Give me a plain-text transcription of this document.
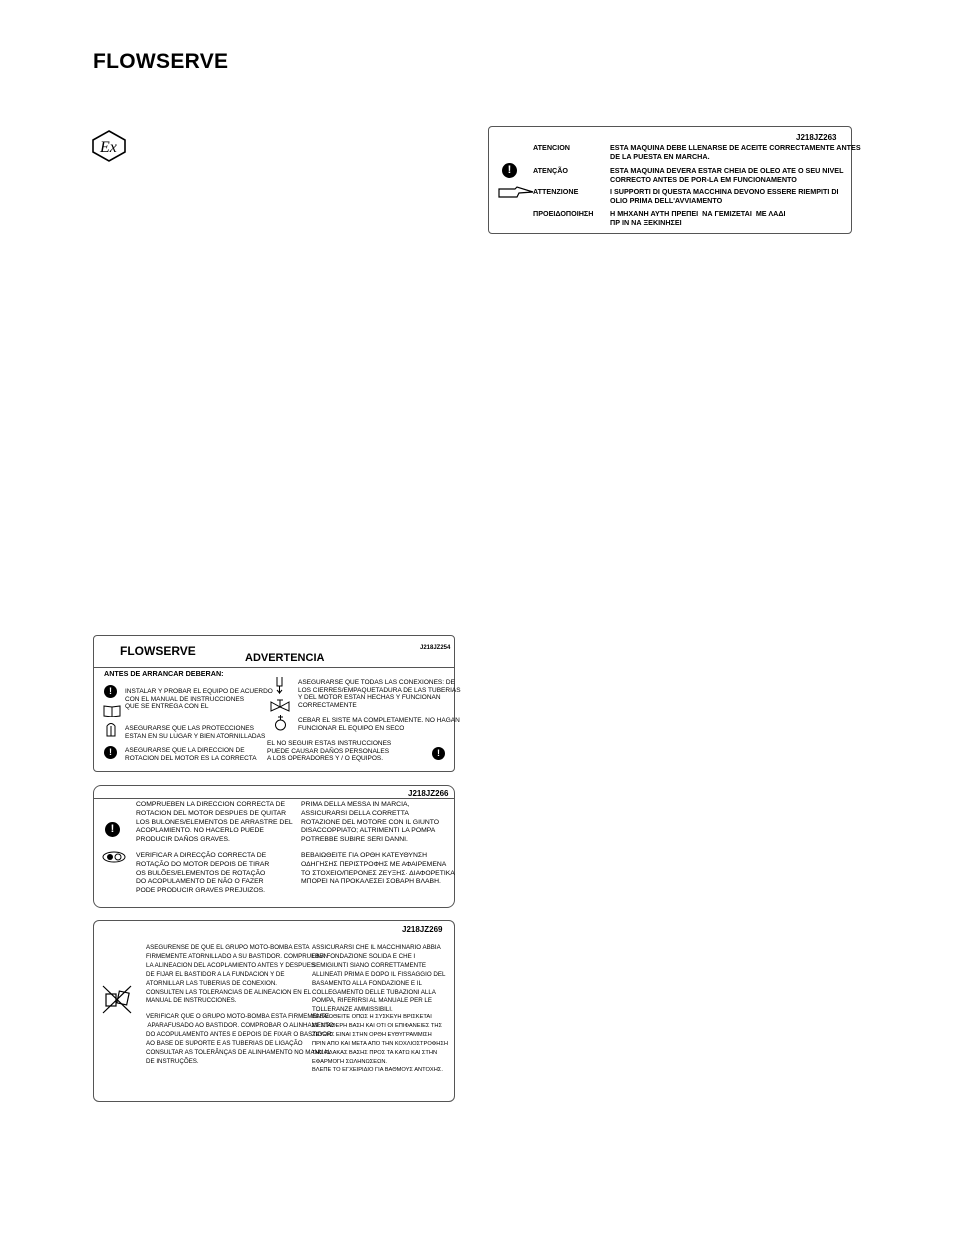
FLOWSERVE
Ex
J218JZ263
ATENCION	ESTA MAQUINA DEBE LLENARSE DE ACEITE CORRECTAMENTE ANTES
DE LA PUESTA EN MARCHA.
!	ATENÇÃO	ESTA MAQUINA DEVERA ESTAR CHEIA DE OLEO ATE O SEU NIVEL
CORRECTO ANTES DE POR-LA EM FUNCIONAMENTO
ATTENZIONE	I SUPPORTI DI QUESTA MACCHINA DEVONO ESSERE RIEMPITI DI
OLIO PRIMA DELL'AVVIAMENTO
ΠΡΟΕΙΔΟΠΟΙΗΣΗ Η ΜΗΧΑΝΗ ΑΥΤΗ ΠΡΕΠΕΙ  ΝΑ ΓΕΜΙΖΕΤΑΙ  ΜΕ ΛΑΔΙ
ΠΡ ΙΝ ΝΑ ΞΕΚΙΝΗΣΕΙ
FLOWSERVE	ADVERTENCIA
J218JZ254
ANTES DE ARRANCAR DEBERAN:
!	INSTALAR Y PROBAR EL EQUIPO DE ACUERDO
CON EL MANUAL DE INSTRUCCIONES
QUE SE ENTREGA CON EL
ASEGURARSE QUE LAS PROTECCIONES
ESTAN EN SU LUGAR Y BIEN ATORNILLADAS
!	ASEGURARSE QUE LA DIRECCION DE
ROTACION DEL MOTOR ES LA CORRECTA
ASEGURARSE QUE TODAS LAS CONEXIONES: DE
LOS CIERRES/EMPAQUETADURA DE LAS TUBERIAS
Y DEL MOTOR ESTAN HECHAS Y FUNCIONAN
CORRECTAMENTE
CEBAR EL SISTE MA COMPLETAMENTE. NO HAGAN
FUNCIONAR EL EQUIPO EN SECO
EL NO SEGUIR ESTAS INSTRUCCIONES
PUEDE CAUSAR DAÑOS PERSONALES
A LOS OPERADORES Y / O EQUIPOS.
!
J218JZ266
!
COMPRUEBEN LA DIRECCION CORRECTA DE
ROTACION DEL MOTOR DESPUES DE QUITAR
LOS BULONES/ELEMENTOS DE ARRASTRE DEL
ACOPLAMIENTO. NO HACERLO PUEDE
PRODUCIR DAÑOS GRAVES.
VERIFICAR A DIRECÇÃO CORRECTA DE
ROTAÇÃO DO MOTOR DEPOIS DE TIRAR
OS BULÕES/ELEMENTOS DE ROTAÇÃO
DO ACOPULAMENTO DE NÃO O FAZER
PODE PRODUCIR GRAVES PREJUIZOS.
PRIMA DELLA MESSA IN MARCIA,
ASSICURARSI DELLA CORRETTA
ROTAZIONE DEL MOTORE CON IL GIUNTO
DISACCOPPIATO; ALTRIMENTI LA POMPA
POTREBBE SUBIRE SERI DANNI.
ΒΕΒΑΙΩΘΕΙΤΕ ΓΙΑ ΟΡΘΗ ΚΑΤΕΥΘΥΝΣΗ
ΟΔΗΓΗΣΗΣ ΠΕΡΙΣΤΡΟΦΗΣ ΜΕ ΑΦΑΙΡΕΜΕΝΑ
ΤΟ ΣΤΟΧΕΙΟ/ΠΕΡΟΝΕΣ ΖΕΥΞΗΣ· ΔΙΑΦΟΡΕΤΙΚΑ
ΜΠΟΡΕΙ ΝΑ ΠΡΟΚΑΛΕΣΕΙ ΣΟΒΑΡΗ ΒΛΑΒΗ.
J218JZ269
ASEGURENSE DE QUE EL GRUPO MOTO-BOMBA ESTA
FIRMEMENTE ATORNILLADO A SU BASTIDOR. COMPRUEBEN
LA ALINEACION DEL ACOPLAMIENTO ANTES Y DESPUES
DE FIJAR EL BASTIDOR A LA FUNDACION Y DE
ATORNILLAR LAS TUBERIAS DE CONEXION.
CONSULTEN LAS TOLERANCIAS DE ALINEACION EN EL
MANUAL DE INSTRUCCIONES.
VERIFICAR QUE O GRUPO MOTO-BOMBA ESTA FIRMEMENTE
APARAFUSADO AO BASTIDOR. COMPROBAR O ALINHAMENTO
DO ACOPULAMENTO ANTES E DEPOIS DE FIXAR O BASTIDOR
AO BASE DE SUPORTE E AS TUBERIAS DE LIGAÇÃO
CONSULTAR AS TOLERÂNÇAS DE ALINHAMENTO NO MANUAL
DE INSTRUÇÕES.
ASSICURARSI CHE IL MACCHINARIO ABBIA
UNA FONDAZIONE SOLIDA E CHE I
SEMIGIUNTI SIANO CORRETTAMENTE
ALLINEATI PRIMA E DOPO IL FISSAGGIO DEL
BASAMENTO ALLA FONDAZIONE E IL
COLLEGAMENTO DELLE TUBAZIONI ALLA
POMPA, RIFERIRSI AL MANUALE PER LE
TOLLERANZE AMMISSIBILI.
ΒΕΒΑΙΩΘΕΙΤΕ ΟΠΩΣ Η ΣΥΣΚΕΥΗ ΒΡΙΣΚΕΤΑΙ
ΣΕ ΣΤΑΘΕΡΗ ΒΑΣΗ ΚΑΙ ΟΤΙ ΟΙ ΕΠΙΦΑΝΕΙΕΣ ΤΗΣ
ΖΕΥΞΗΣ ΕΙΝΑΙ ΣΤΗΝ ΟΡΘΗ ΕΥΘΥΓΡΑΜΜΙΣΗ
ΠΡΙΝ ΑΠΟ ΚΑΙ ΜΕΤΑ ΑΠΟ ΤΗΝ ΚΟΧΛΙΟΣΤΡΟΦΗΣΗ
ΤΗΣ ΠΛΑΚΑΣ ΒΑΣΗΣ ΠΡΟΣ ΤΑ ΚΑΤΩ ΚΑΙ ΣΤΗΝ
ΕΦΑΡΜΟΓΗ ΣΩΛΗΝΩΣΕΩΝ.
ΒΛΕΠΕ ΤΟ ΕΓΧΕΙΡΙΔΙΟ ΓΙΑ ΒΑΘΜΟΥΣ ΑΝΤΟΧΗΣ.
